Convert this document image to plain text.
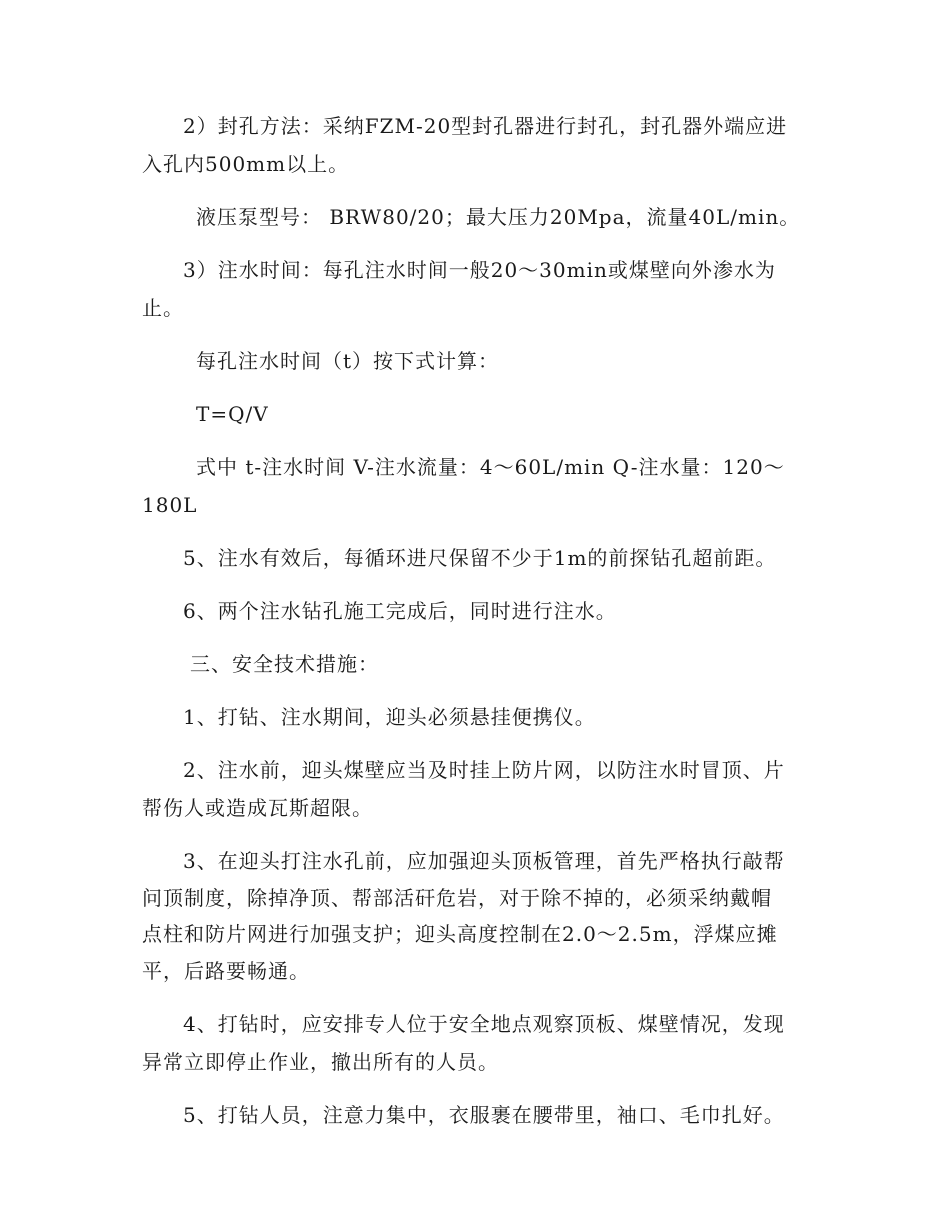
2）封孔方法：采纳FZM-20型封孔器进行封孔，封孔器外端应进
入孔内500mm以上。
液压泵型号： BRW80/20；最大压力20Mpa，流量40L/min。
3）注水时间：每孔注水时间一般20～30min或煤壁向外渗水为
止。
每孔注水时间（t）按下式计算：
T=Q/V
式中 t-注水时间 V-注水流量：4～60L/min Q-注水量：120～
180L
5、注水有效后，每循环进尺保留不少于1m的前探钻孔超前距。
6、两个注水钻孔施工完成后，同时进行注水。
三、安全技术措施：
1、打钻、注水期间，迎头必须悬挂便携仪。
2、注水前，迎头煤壁应当及时挂上防片网，以防注水时冒顶、片
帮伤人或造成瓦斯超限。
3、在迎头打注水孔前，应加强迎头顶板管理，首先严格执行敲帮
问顶制度，除掉净顶、帮部活矸危岩，对于除不掉的，必须采纳戴帽
点柱和防片网进行加强支护；迎头高度控制在2.0～2.5m，浮煤应摊
平，后路要畅通。
4、打钻时，应安排专人位于安全地点观察顶板、煤壁情况，发现
异常立即停止作业，撤出所有的人员。
5、打钻人员，注意力集中，衣服裹在腰带里，袖口、毛巾扎好。
